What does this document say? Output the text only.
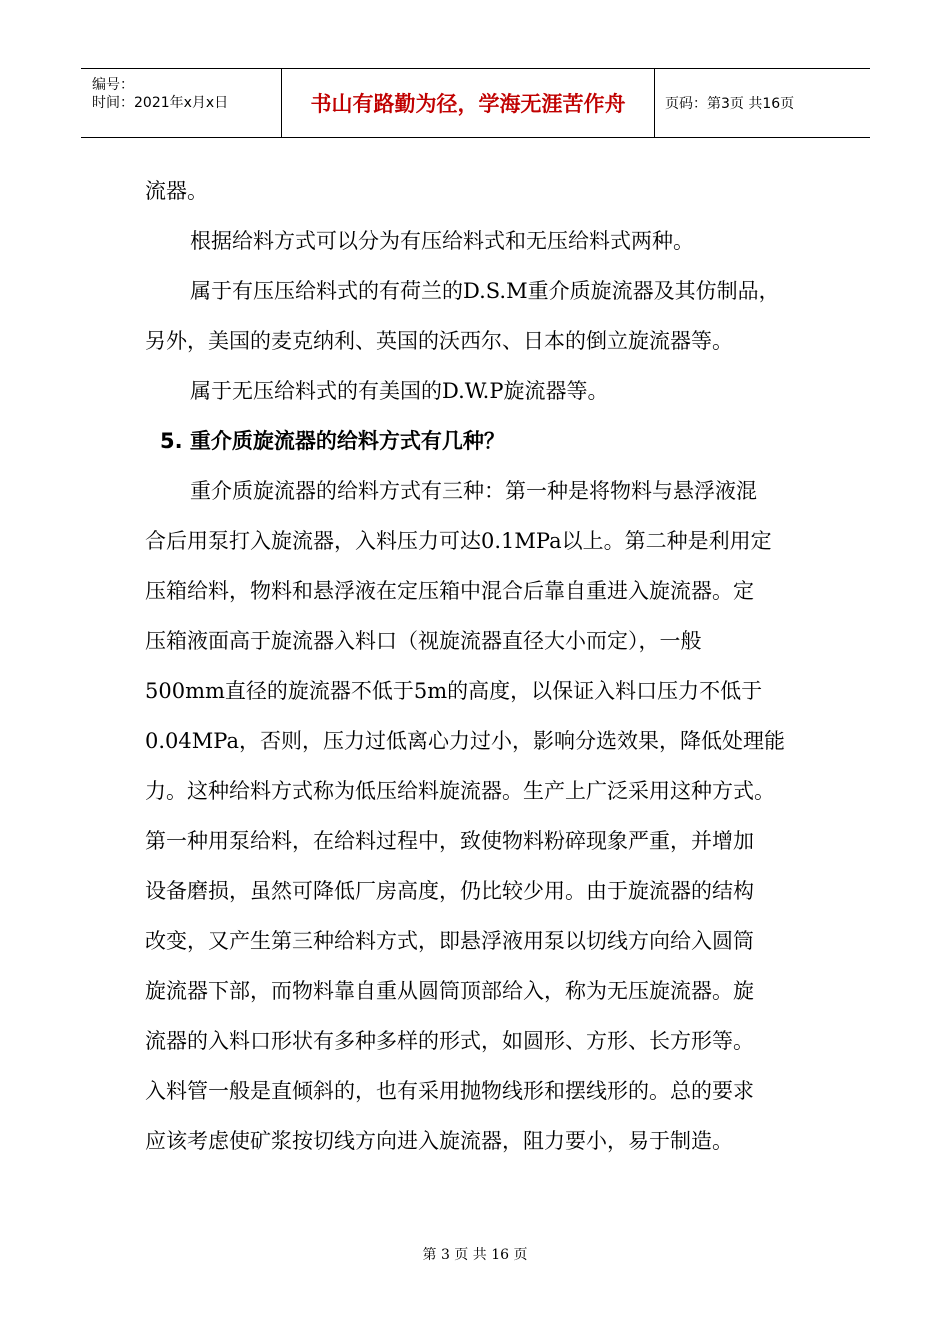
编号：
时间：2021年x月x日	书山有路勤为径，学海无涯苦作舟	页码：第3页 共16页

流器。

根据给料方式可以分为有压给料式和无压给料式两种。

属于有压压给料式的有荷兰的D.S.M重介质旋流器及其仿制品，

另外，美国的麦克纳利、英国的沃西尔、日本的倒立旋流器等。

属于无压给料式的有美国的D.W.P旋流器等。

5. 重介质旋流器的给料方式有几种？

重介质旋流器的给料方式有三种：第一种是将物料与悬浮液混

合后用泵打入旋流器，入料压力可达0.1MPa以上。第二种是利用定

压箱给料，物料和悬浮液在定压箱中混合后靠自重进入旋流器。定

压箱液面高于旋流器入料口（视旋流器直径大小而定），一般

500mm直径的旋流器不低于5m的高度，以保证入料口压力不低于

0.04MPa，否则，压力过低离心力过小，影响分选效果，降低处理能

力。这种给料方式称为低压给料旋流器。生产上广泛采用这种方式。

第一种用泵给料，在给料过程中，致使物料粉碎现象严重，并增加

设备磨损，虽然可降低厂房高度，仍比较少用。由于旋流器的结构

改变，又产生第三种给料方式，即悬浮液用泵以切线方向给入圆筒

旋流器下部，而物料靠自重从圆筒顶部给入，称为无压旋流器。旋

流器的入料口形状有多种多样的形式，如圆形、方形、长方形等。

入料管一般是直倾斜的，也有采用抛物线形和摆线形的。总的要求

应该考虑使矿浆按切线方向进入旋流器，阻力要小，易于制造。

第 3 页 共 16 页
